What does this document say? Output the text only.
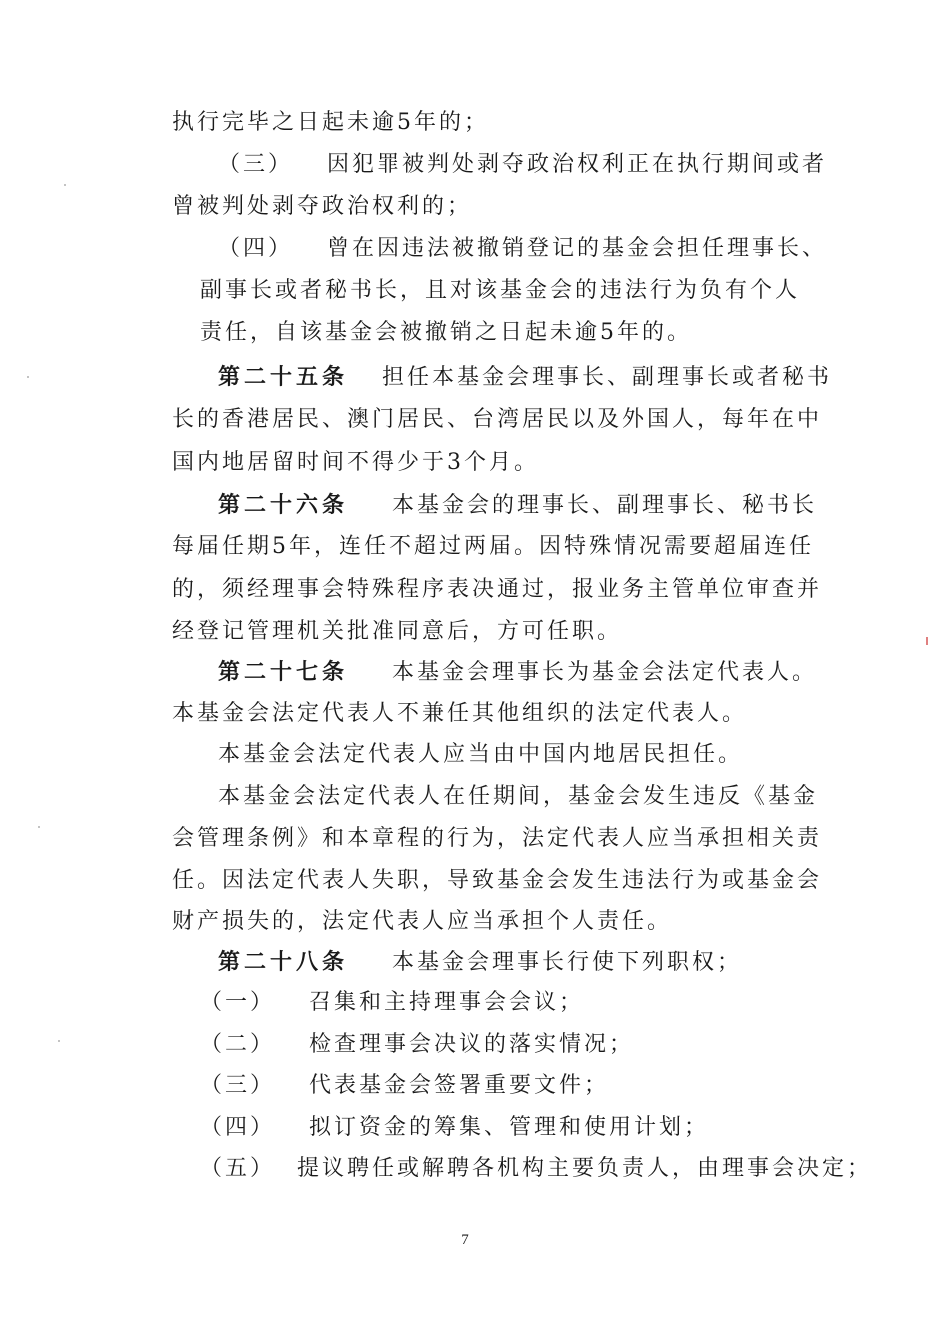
执行完毕之日起未逾5年的；
（三） 因犯罪被判处剥夺政治权利正在执行期间或者
曾被判处剥夺政治权利的；
（四） 曾在因违法被撤销登记的基金会担任理事长、
副事长或者秘书长，且对该基金会的违法行为负有个人
责任，自该基金会被撤销之日起未逾5年的。
第二十五条 担任本基金会理事长、副理事长或者秘书
长的香港居民、澳门居民、台湾居民以及外国人，每年在中
国内地居留时间不得少于3个月。
第二十六条 本基金会的理事长、副理事长、秘书长
每届任期5年，连任不超过两届。因特殊情况需要超届连任
的，须经理事会特殊程序表决通过，报业务主管单位审查并
经登记管理机关批准同意后，方可任职。
第二十七条 本基金会理事长为基金会法定代表人。
本基金会法定代表人不兼任其他组织的法定代表人。
本基金会法定代表人应当由中国内地居民担任。
本基金会法定代表人在任期间，基金会发生违反《基金
会管理条例》和本章程的行为，法定代表人应当承担相关责
任。因法定代表人失职，导致基金会发生违法行为或基金会
财产损失的，法定代表人应当承担个人责任。
第二十八条 本基金会理事长行使下列职权；
（一） 召集和主持理事会会议；
（二） 检查理事会决议的落实情况；
（三） 代表基金会签署重要文件；
（四） 拟订资金的筹集、管理和使用计划；
（五） 提议聘任或解聘各机构主要负责人，由理事会决定；
7
